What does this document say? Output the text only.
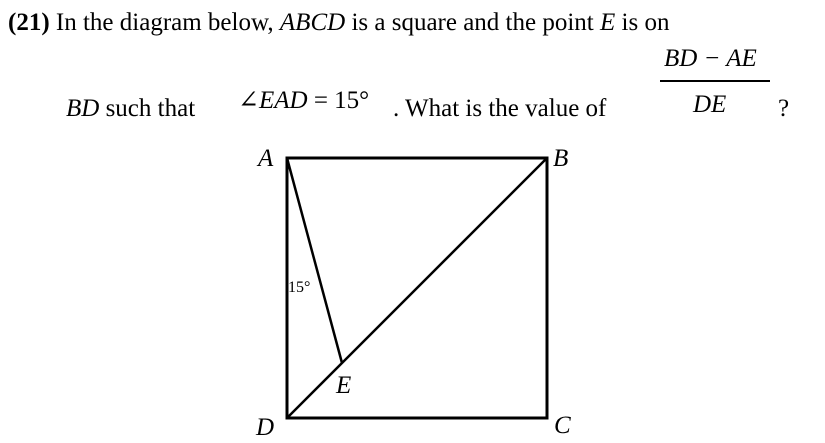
(21) In the diagram below, ABCD is a square and the point E is on
BD such that ∠EAD = 15° . What is the value of
BD − AE
DE ?
A	B
C
D
E
15°
